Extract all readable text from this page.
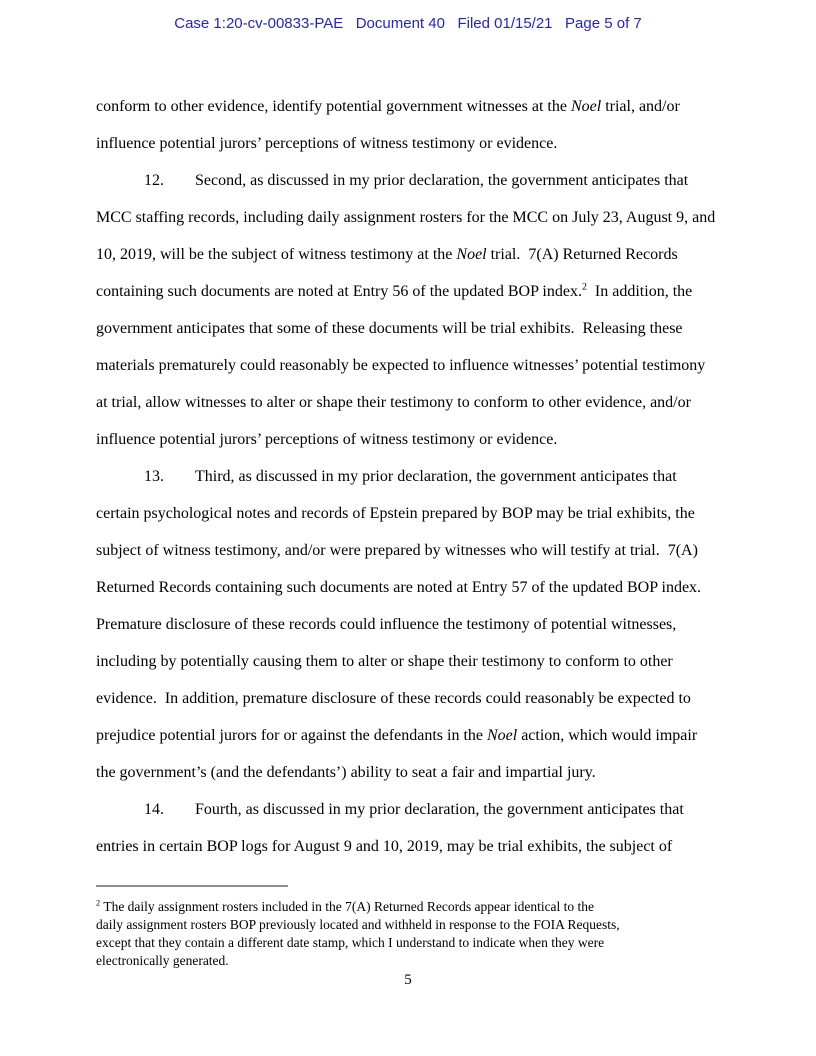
Case 1:20-cv-00833-PAE   Document 40   Filed 01/15/21   Page 5 of 7
conform to other evidence, identify potential government witnesses at the Noel trial, and/or
influence potential jurors’ perceptions of witness testimony or evidence.
12. Second, as discussed in my prior declaration, the government anticipates that
MCC staffing records, including daily assignment rosters for the MCC on July 23, August 9, and
10, 2019, will be the subject of witness testimony at the Noel trial.  7(A) Returned Records
containing such documents are noted at Entry 56 of the updated BOP index.$^2$  In addition, the
government anticipates that some of these documents will be trial exhibits.  Releasing these
materials prematurely could reasonably be expected to influence witnesses’ potential testimony
at trial, allow witnesses to alter or shape their testimony to conform to other evidence, and/or
influence potential jurors’ perceptions of witness testimony or evidence.
13. Third, as discussed in my prior declaration, the government anticipates that
certain psychological notes and records of Epstein prepared by BOP may be trial exhibits, the
subject of witness testimony, and/or were prepared by witnesses who will testify at trial.  7(A)
Returned Records containing such documents are noted at Entry 57 of the updated BOP index.
Premature disclosure of these records could influence the testimony of potential witnesses,
including by potentially causing them to alter or shape their testimony to conform to other
evidence.  In addition, premature disclosure of these records could reasonably be expected to
prejudice potential jurors for or against the defendants in the Noel action, which would impair
the government’s (and the defendants’) ability to seat a fair and impartial jury.
14. Fourth, as discussed in my prior declaration, the government anticipates that
entries in certain BOP logs for August 9 and 10, 2019, may be trial exhibits, the subject of
$^2$ The daily assignment rosters included in the 7(A) Returned Records appear identical to the
daily assignment rosters BOP previously located and withheld in response to the FOIA Requests,
except that they contain a different date stamp, which I understand to indicate when they were
electronically generated.
5
